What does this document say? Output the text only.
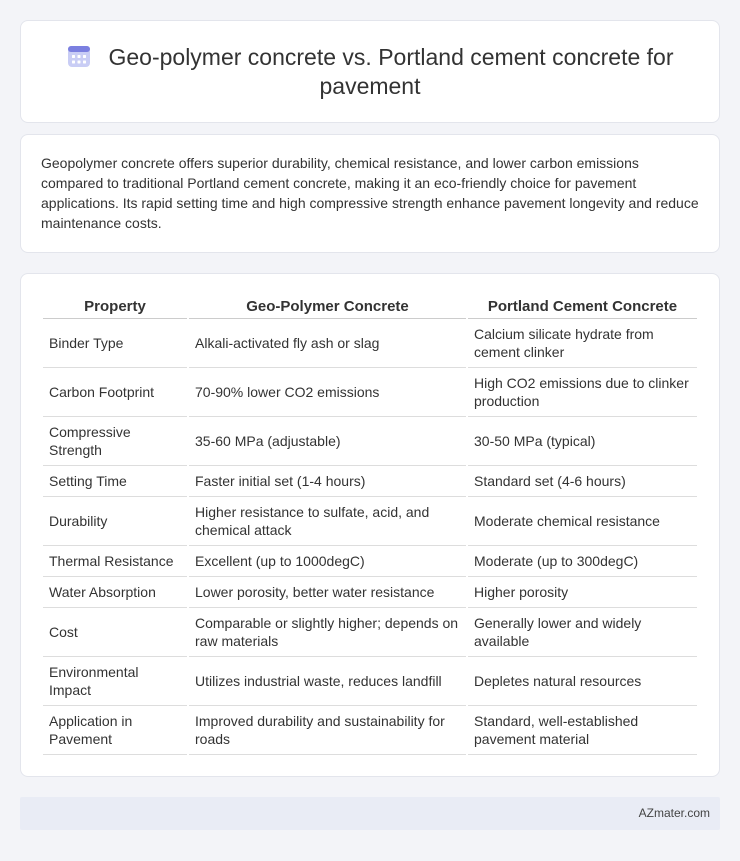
Geo-polymer concrete vs. Portland cement concrete for pavement

Geopolymer concrete offers superior durability, chemical resistance, and lower carbon emissions compared to traditional Portland cement concrete, making it an eco-friendly choice for pavement applications. Its rapid setting time and high compressive strength enhance pavement longevity and reduce maintenance costs.

Property	Geo-Polymer Concrete	Portland Cement Concrete
Binder Type	Alkali-activated fly ash or slag	Calcium silicate hydrate from cement clinker
Carbon Footprint	70-90% lower CO2 emissions	High CO2 emissions due to clinker production
Compressive Strength	35-60 MPa (adjustable)	30-50 MPa (typical)
Setting Time	Faster initial set (1-4 hours)	Standard set (4-6 hours)
Durability	Higher resistance to sulfate, acid, and chemical attack	Moderate chemical resistance
Thermal Resistance	Excellent (up to 1000degC)	Moderate (up to 300degC)
Water Absorption	Lower porosity, better water resistance	Higher porosity
Cost	Comparable or slightly higher; depends on raw materials	Generally lower and widely available
Environmental Impact	Utilizes industrial waste, reduces landfill	Depletes natural resources
Application in Pavement	Improved durability and sustainability for roads	Standard, well-established pavement material
AZmater.com
